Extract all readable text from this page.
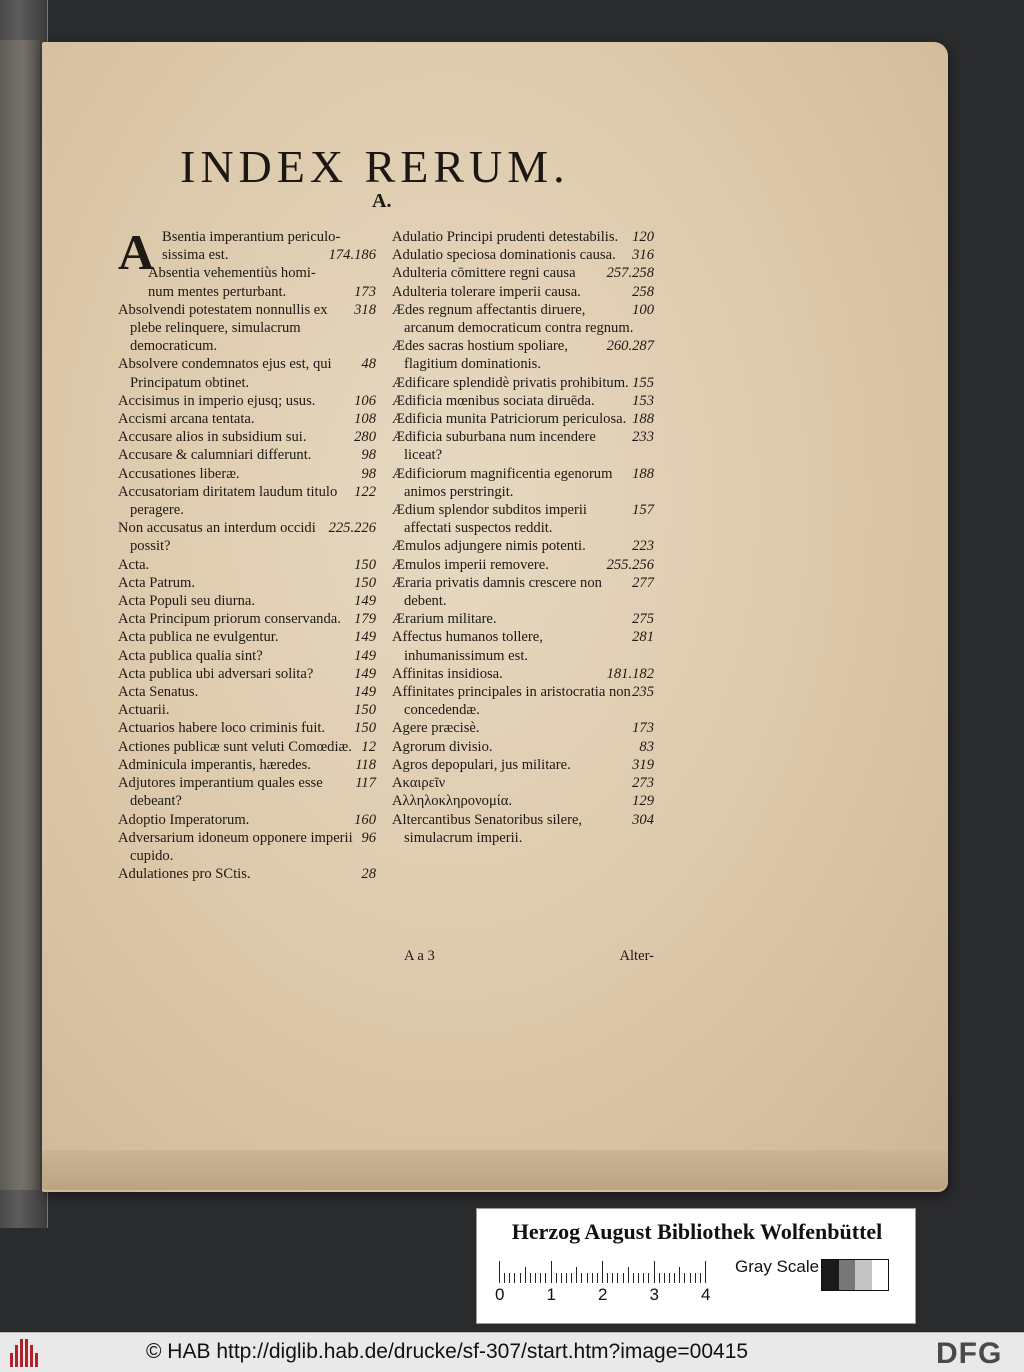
INDEX RERUM.
A.
A Bsentia imperantium periculo-
174.186
sissima est.
Absentia vehementiùs homi-
173
num mentes perturbant.
318
Absolvendi potestatem nonnullis ex plebe relinquere, simulacrum democraticum.
48
Absolvere condemnatos ejus est, qui Principatum obtinet.
106
Accisimus in imperio ejusq; usus.
108
Accismi arcana tentata.
280
Accusare alios in subsidium sui.
98
Accusare & calumniari differunt.
98
Accusationes liberæ.
122
Accusatoriam diritatem laudum titulo peragere.
225.226
Non accusatus an interdum occidi possit?
150
Acta.
150
Acta Patrum.
149
Acta Populi seu diurna.
179
Acta Principum priorum conservanda.
149
Acta publica ne evulgentur.
149
Acta publica qualia sint?
149
Acta publica ubi adversari solita?
149
Acta Senatus.
150
Actuarii.
150
Actuarios habere loco criminis fuit.
12
Actiones publicæ sunt veluti Comœdiæ.
118
Adminicula imperantis, hæredes.
117
Adjutores imperantium quales esse debeant?
160
Adoptio Imperatorum.
96
Adversarium idoneum opponere imperii cupido.
28
Adulationes pro SCtis.
120
Adulatio Principi prudenti detestabilis.
316
Adulatio speciosa dominationis causa.
257.258
Adulteria cōmittere regni causa
258
Adulteria tolerare imperii causa.
100
Ædes regnum affectantis diruere, arcanum democraticum contra regnum.
260.287
Ædes sacras hostium spoliare, flagitium dominationis.
155
Ædificare splendidè privatis prohibitum.
153
Ædificia mœnibus sociata diruēda.
188
Ædificia munita Patriciorum periculosa.
233
Ædificia suburbana num incendere liceat?
188
Ædificiorum magnificentia egenorum animos perstringit.
157
Ædium splendor subditos imperii affectati suspectos reddit.
223
Æmulos adjungere nimis potenti.
255.256
Æmulos imperii removere.
277
Æraria privatis damnis crescere non debent.
275
Ærarium militare.
281
Affectus humanos tollere, inhumanissimum est.
181.182
Affinitas insidiosa.
235
Affinitates principales in aristocratia non concedendæ.
173
Agere præcisè.
83
Agrorum divisio.
319
Agros depopulari, jus militare.
273
Ακαιρεῖν
129
Αλληλοκληρονομία.
304
Altercantibus Senatoribus silere, simulacrum imperii.
A a 3	Alter-
Herzog August Bibliothek Wolfenbüttel
0 1 2 3 4
Gray Scale
© HAB http://diglib.hab.de/drucke/sf-307/start.htm?image=00415	DFG
